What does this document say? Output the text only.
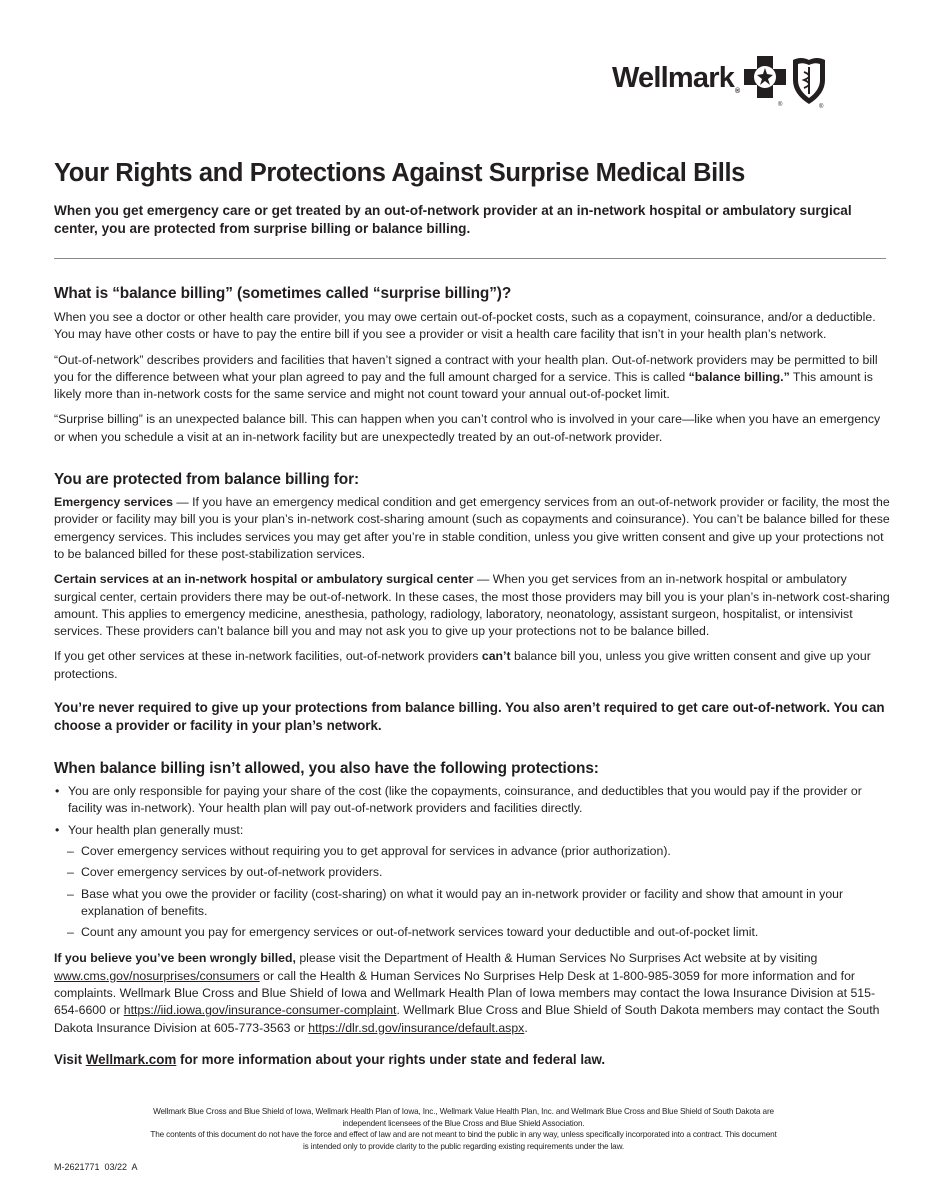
Wellmark®
®	®
Your Rights and Protections Against Surprise Medical Bills

When you get emergency care or get treated by an out-of-network provider at an in-network hospital or ambulatory surgical center, you are protected from surprise billing or balance billing.

What is “balance billing” (sometimes called “surprise billing”)?

When you see a doctor or other health care provider, you may owe certain out-of-pocket costs, such as a copayment, coinsurance, and/or a deductible. You may have other costs or have to pay the entire bill if you see a provider or visit a health care facility that isn’t in your health plan’s network.

“Out-of-network” describes providers and facilities that haven’t signed a contract with your health plan. Out-of-network providers may be permitted to bill you for the difference between what your plan agreed to pay and the full amount charged for a service. This is called “balance billing.” This amount is likely more than in-network costs for the same service and might not count toward your annual out-of-pocket limit.

“Surprise billing” is an unexpected balance bill. This can happen when you can’t control who is involved in your care—like when you have an emergency or when you schedule a visit at an in-network facility but are unexpectedly treated by an out-of-network provider.

You are protected from balance billing for:

Emergency services — If you have an emergency medical condition and get emergency services from an out-of-network provider or facility, the most the provider or facility may bill you is your plan’s in-network cost-sharing amount (such as copayments and coinsurance). You can’t be balance billed for these emergency services. This includes services you may get after you’re in stable condition, unless you give written consent and give up your protections not to be balanced billed for these post-stabilization services.

Certain services at an in-network hospital or ambulatory surgical center — When you get services from an in-network hospital or ambulatory surgical center, certain providers there may be out-of-network. In these cases, the most those providers may bill you is your plan’s in-network cost-sharing amount. This applies to emergency medicine, anesthesia, pathology, radiology, laboratory, neonatology, assistant surgeon, hospitalist, or intensivist services. These providers can’t balance bill you and may not ask you to give up your protections not to be balance billed.

If you get other services at these in-network facilities, out-of-network providers can’t balance bill you, unless you give written consent and give up your protections.

You’re never required to give up your protections from balance billing. You also aren’t required to get care out-of-network. You can choose a provider or facility in your plan’s network.

When balance billing isn’t allowed, you also have the following protections:
• You are only responsible for paying your share of the cost (like the copayments, coinsurance, and deductibles that you would pay if the provider or facility was in-network). Your health plan will pay out-of-network providers and facilities directly.
• Your health plan generally must:
– Cover emergency services without requiring you to get approval for services in advance (prior authorization).
– Cover emergency services by out-of-network providers.
– Base what you owe the provider or facility (cost-sharing) on what it would pay an in-network provider or facility and show that amount in your explanation of benefits.
– Count any amount you pay for emergency services or out-of-network services toward your deductible and out-of-pocket limit.

If you believe you’ve been wrongly billed, please visit the Department of Health & Human Services No Surprises Act website at by visiting www.cms.gov/nosurprises/consumers or call the Health & Human Services No Surprises Help Desk at 1-800-985-3059 for more information and for complaints. Wellmark Blue Cross and Blue Shield of Iowa and Wellmark Health Plan of Iowa members may contact the Iowa Insurance Division at 515-654-6600 or https://iid.iowa.gov/insurance-consumer-complaint. Wellmark Blue Cross and Blue Shield of South Dakota members may contact the South Dakota Insurance Division at 605-773-3563 or https://dlr.sd.gov/insurance/default.aspx.

Visit Wellmark.com for more information about your rights under state and federal law.

Wellmark Blue Cross and Blue Shield of Iowa, Wellmark Health Plan of Iowa, Inc., Wellmark Value Health Plan, Inc. and Wellmark Blue Cross and Blue Shield of South Dakota are
independent licensees of the Blue Cross and Blue Shield Association.
The contents of this document do not have the force and effect of law and are not meant to bind the public in any way, unless specifically incorporated into a contract. This document
is intended only to provide clarity to the public regarding existing requirements under the law.
M-2621771  03/22  A
